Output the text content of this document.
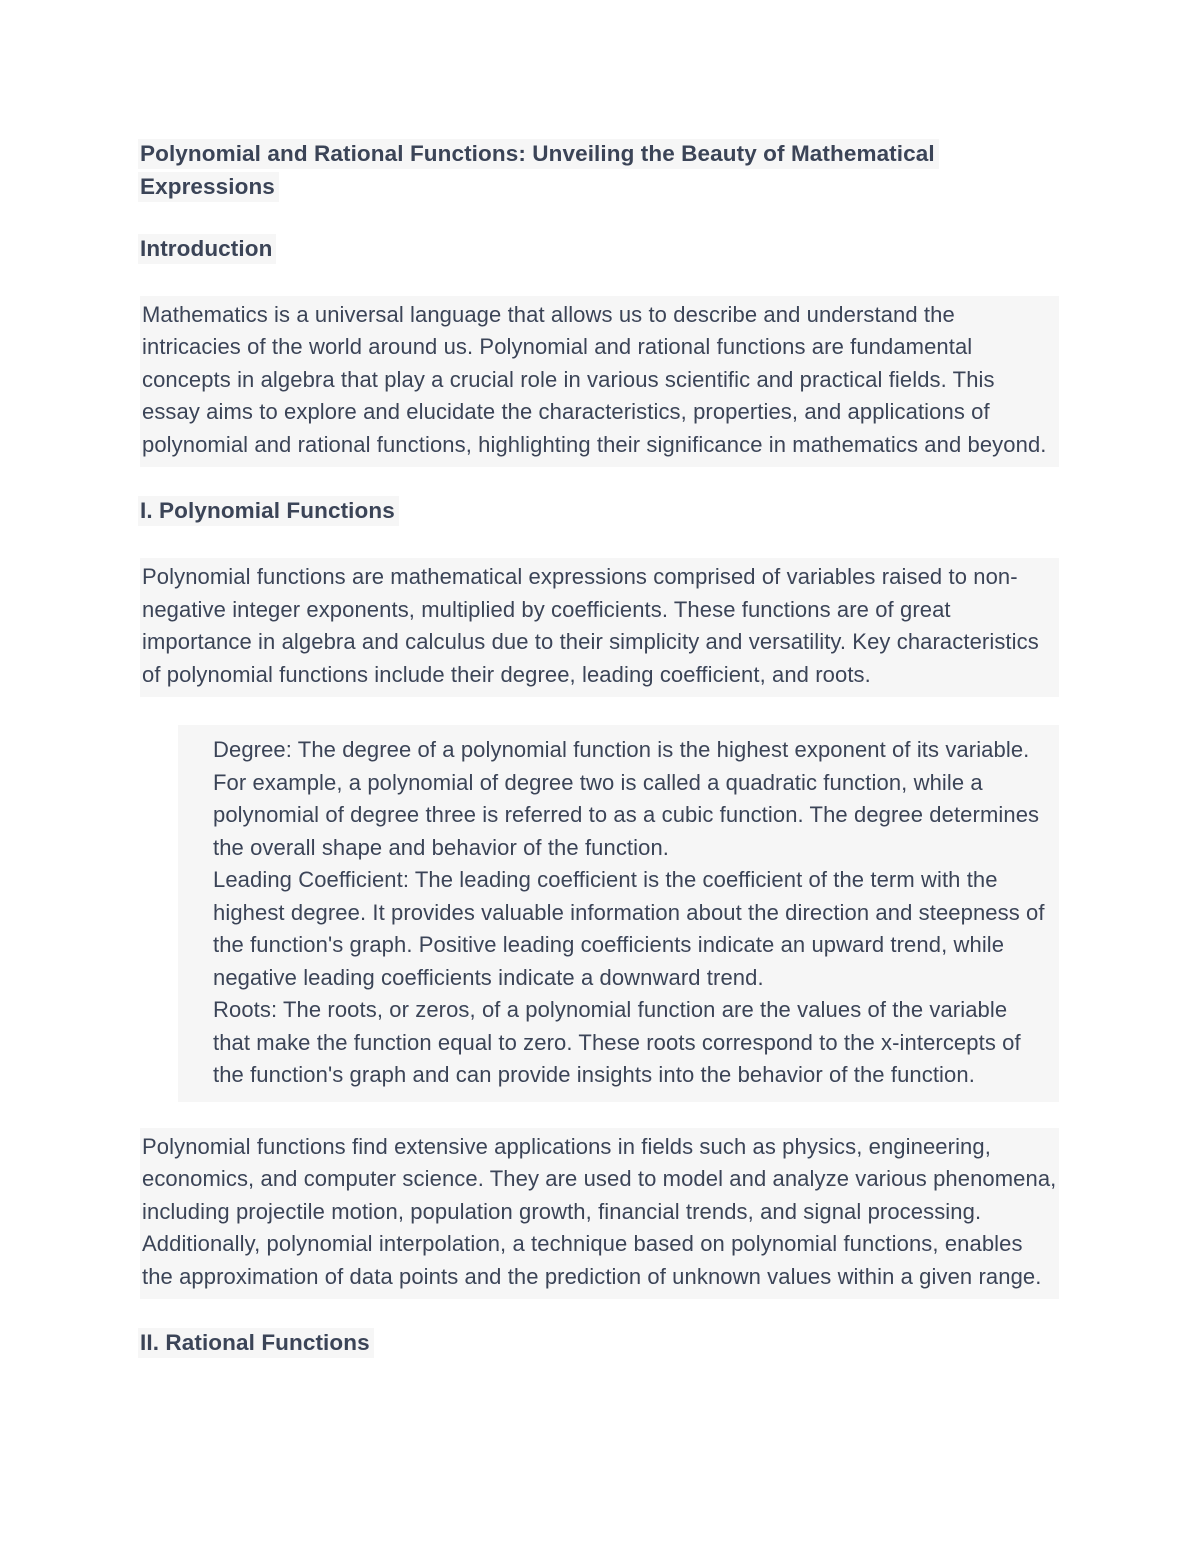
Polynomial and Rational Functions: Unveiling the Beauty of Mathematical Expressions
Introduction

Mathematics is a universal language that allows us to describe and understand the intricacies of the world around us. Polynomial and rational functions are fundamental concepts in algebra that play a crucial role in various scientific and practical fields. This essay aims to explore and elucidate the characteristics, properties, and applications of polynomial and rational functions, highlighting their significance in mathematics and beyond.

I. Polynomial Functions

Polynomial functions are mathematical expressions comprised of variables raised to non-negative integer exponents, multiplied by coefficients. These functions are of great importance in algebra and calculus due to their simplicity and versatility. Key characteristics of polynomial functions include their degree, leading coefficient, and roots.

Degree: The degree of a polynomial function is the highest exponent of its variable. For example, a polynomial of degree two is called a quadratic function, while a polynomial of degree three is referred to as a cubic function. The degree determines the overall shape and behavior of the function.
Leading Coefficient: The leading coefficient is the coefficient of the term with the highest degree. It provides valuable information about the direction and steepness of the function's graph. Positive leading coefficients indicate an upward trend, while negative leading coefficients indicate a downward trend.
Roots: The roots, or zeros, of a polynomial function are the values of the variable that make the function equal to zero. These roots correspond to the x-intercepts of the function's graph and can provide insights into the behavior of the function.

Polynomial functions find extensive applications in fields such as physics, engineering, economics, and computer science. They are used to model and analyze various phenomena, including projectile motion, population growth, financial trends, and signal processing. Additionally, polynomial interpolation, a technique based on polynomial functions, enables the approximation of data points and the prediction of unknown values within a given range.

II. Rational Functions
